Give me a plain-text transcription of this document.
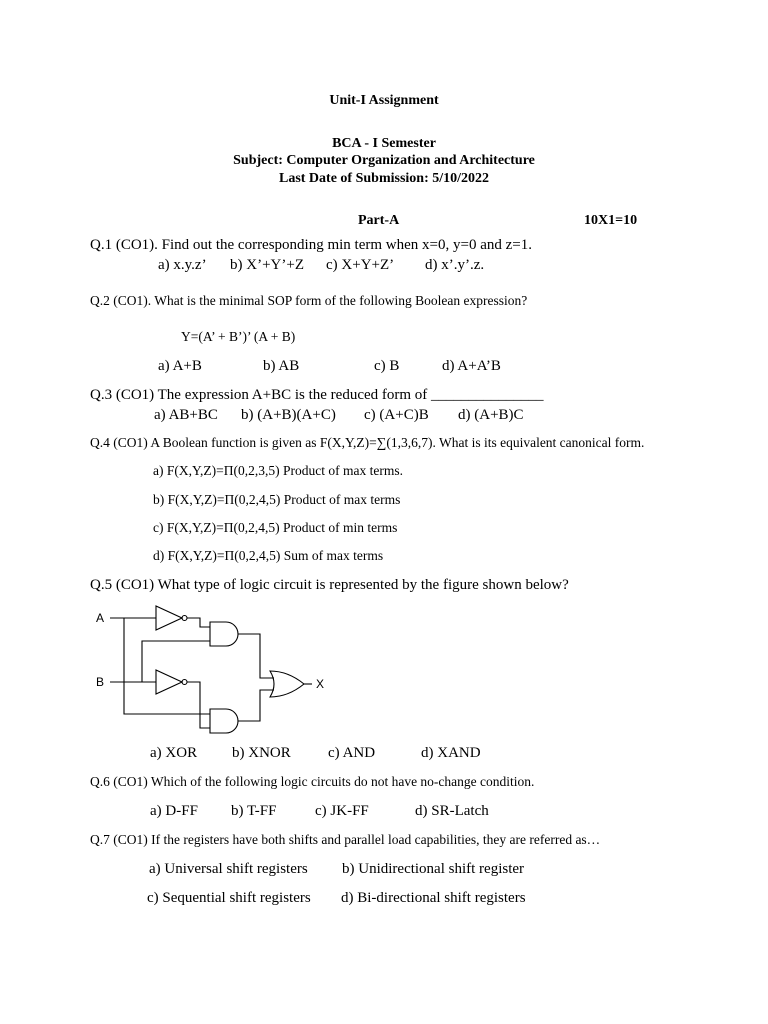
Unit-I Assignment
BCA - I Semester
Subject: Computer Organization and Architecture
Last Date of Submission: 5/10/2022
Part-A	10X1=10
Q.1 (CO1). Find out the corresponding min term when x=0, y=0 and z=1.
a) x.y.z’ b) X’+Y’+Z c) X+Y+Z’ d) x’.y’.z.
Q.2 (CO1). What is the minimal SOP form of the following Boolean expression?
Y=(A’ + B’)’ (A + B)
a) A+B	b) AB	c) B	d) A+A’B
Q.3 (CO1) The expression A+BC is the reduced form of _______________
a) AB+BC b) (A+B)(A+C) c) (A+C)B d) (A+B)C
Q.4 (CO1) A Boolean function is given as F(X,Y,Z)=∑(1,3,6,7). What is its equivalent canonical form.
a) F(X,Y,Z)=Π(0,2,3,5) Product of max terms.
b) F(X,Y,Z)=Π(0,2,4,5) Product of max terms
c) F(X,Y,Z)=Π(0,2,4,5) Product of min terms
d) F(X,Y,Z)=Π(0,2,4,5) Sum of max terms
Q.5 (CO1) What type of logic circuit is represented by the figure shown below?
A
B	X
a) XOR b) XNOR c) AND	d) XAND
Q.6 (CO1) Which of the following logic circuits do not have no-change condition.
a) D-FF b) T-FF	c) JK-FF	d) SR-Latch
Q.7 (CO1) If the registers have both shifts and parallel load capabilities, they are referred as…
a) Universal shift registers b) Unidirectional shift register
c) Sequential shift registers d) Bi-directional shift registers
